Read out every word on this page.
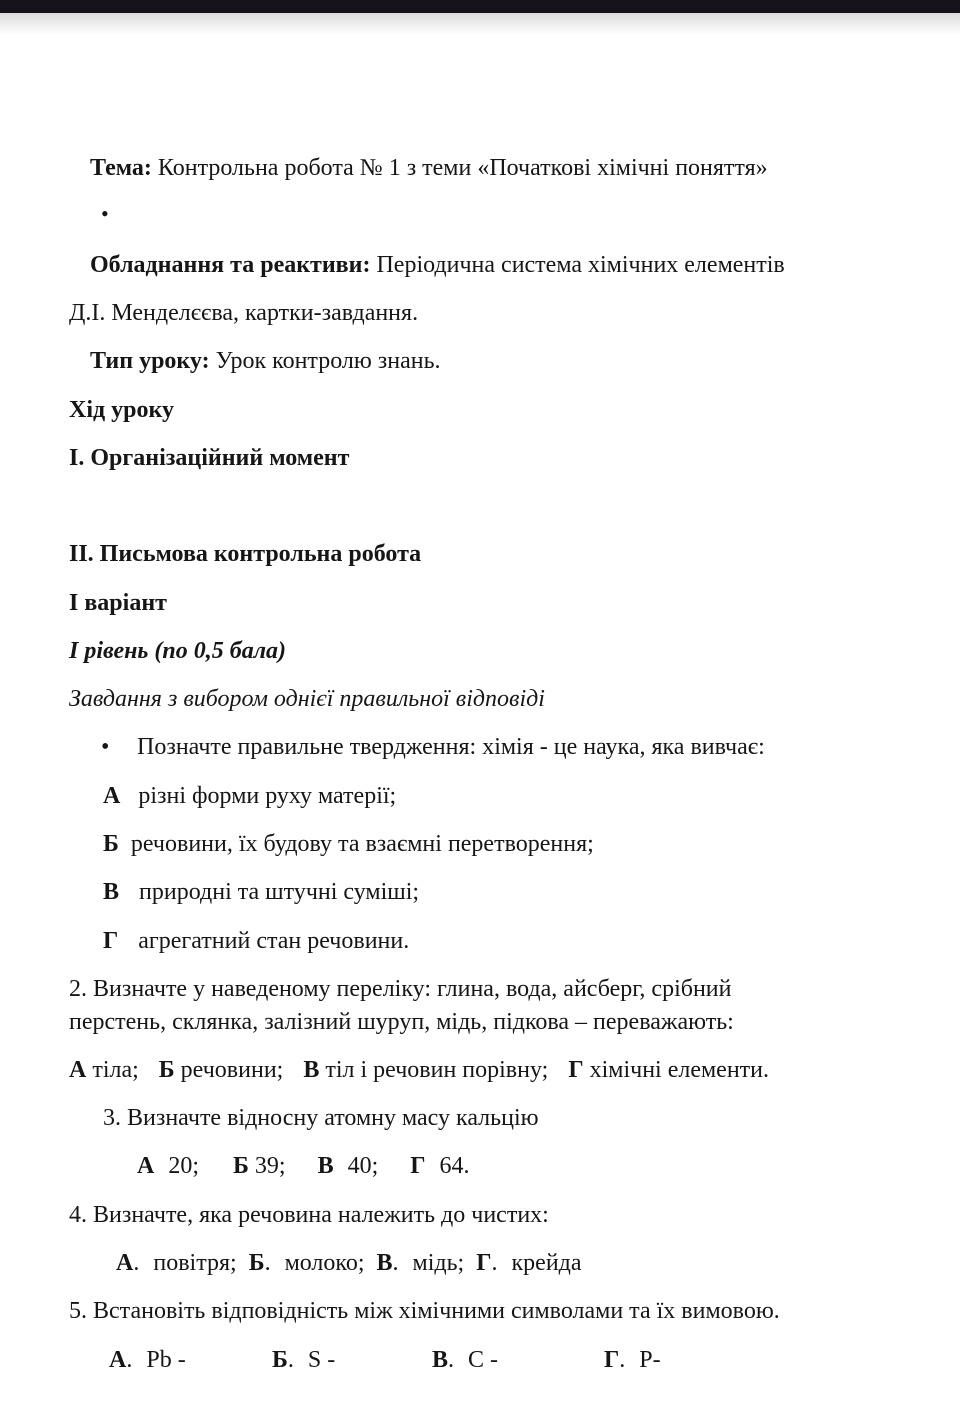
Тема: Контрольна робота № 1 з теми «Початкові хімічні поняття»
•
Обладнання та реактиви: Періодична система хімічних елементів
Д.І. Менделєєва, картки-завдання.
Тип уроку: Урок контролю знань.
Хід уроку
І. Організаційний момент
ІІ. Письмова контрольна робота
І варіант
І рівень (по 0,5 бала)
Завдання з вибором однієї правильної відповіді
• Позначте правильне твердження: хімія - це наука, яка вивчає:
А різні форми руху матерії;
Б речовини, їх будову та взаємні перетворення;
В природні та штучні суміші;
Г агрегатний стан речовини.
2. Визначте у наведеному переліку: глина, вода, айсберг, срібний
перстень, склянка, залізний шуруп, мідь, підкова – переважають:
А тіла; Б речовини; В тіл і речовин порівну; Г хімічні елементи.
3. Визначте відносну атомну масу кальцію
А 20; Б 39; В 40; Г 64.
4. Визначте, яка речовина належить до чистих:
А. повітря; Б. молоко; В. мідь; Г. крейда
5. Встановіть відповідність між хімічними символами та їх вимовою.
А. Pb -	Б. S -	В. C -	Г. P-
